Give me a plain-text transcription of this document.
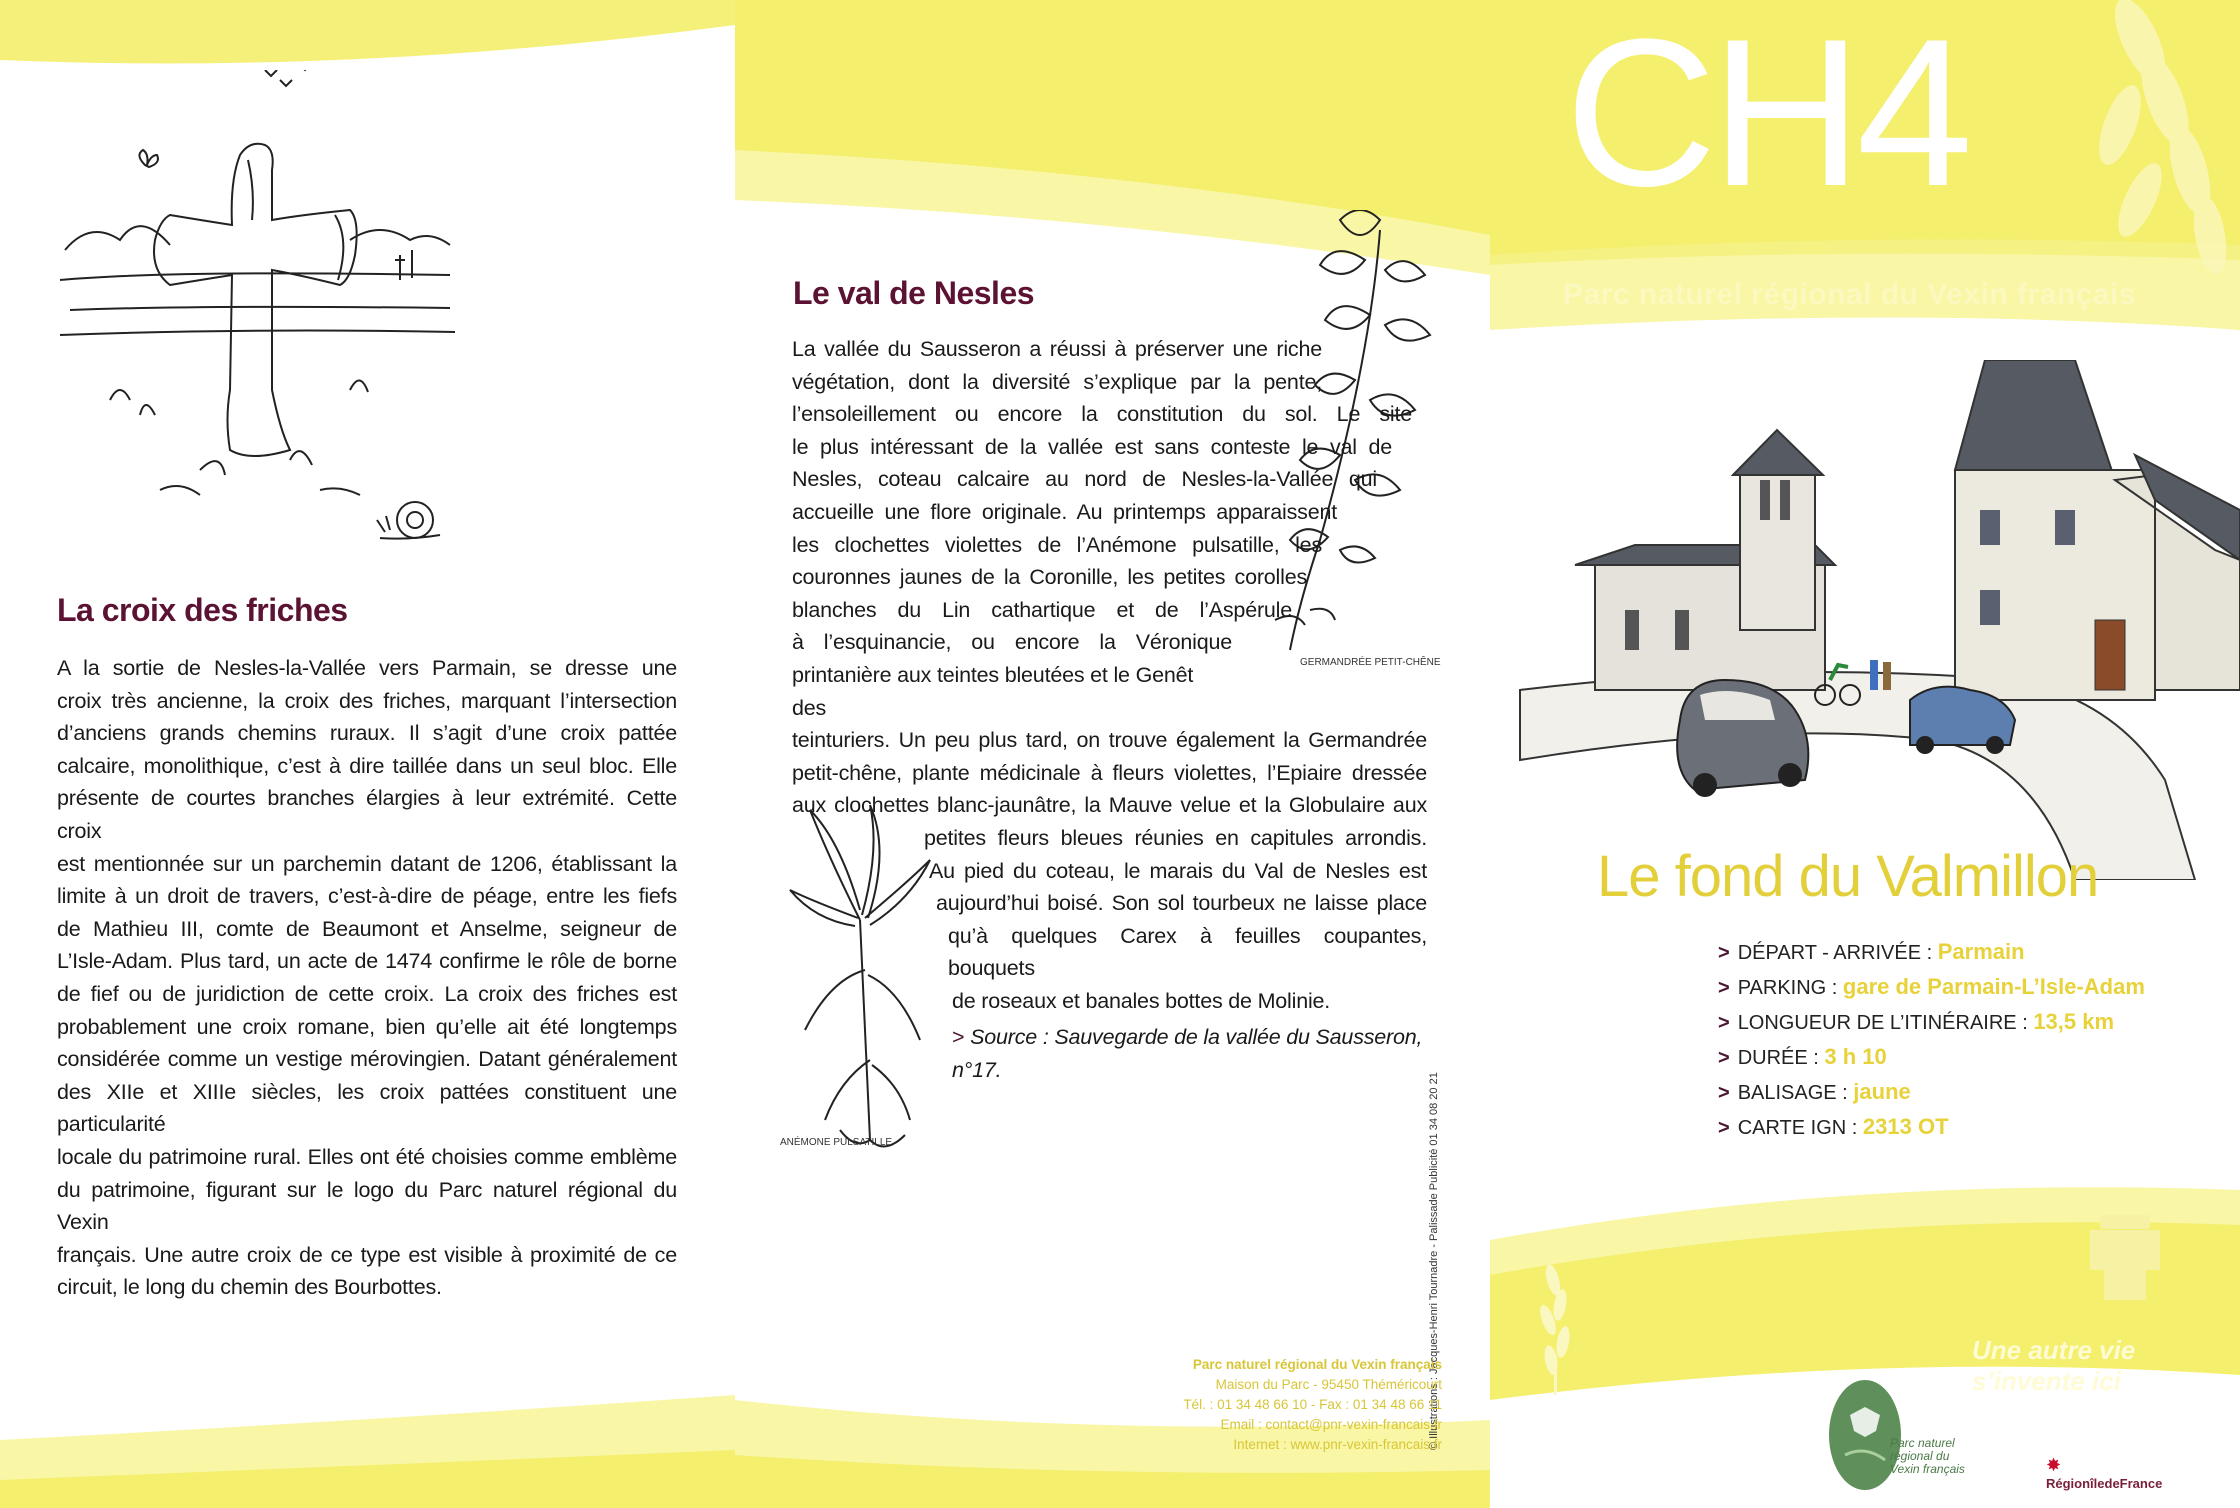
La croix des friches
A la sortie de Nesles-la-Vallée vers Parmain, se dresse une
croix très ancienne, la croix des friches, marquant l’intersection
d’anciens grands chemins ruraux. Il s’agit d’une croix pattée
calcaire, monolithique, c’est à dire taillée dans un seul bloc. Elle
présente de courtes branches élargies à leur extrémité. Cette croix
est mentionnée sur un parchemin datant de 1206, établissant la
limite à un droit de travers, c’est-à-dire de péage, entre les fiefs
de Mathieu III, comte de Beaumont et Anselme, seigneur de
L’Isle-Adam. Plus tard, un acte de 1474 confirme le rôle de borne
de fief ou de juridiction de cette croix. La croix des friches est
probablement une croix romane, bien qu’elle ait été longtemps
considérée comme un vestige mérovingien. Datant généralement
des XIIe et XIIIe siècles, les croix pattées constituent une particularité
locale du patrimoine rural. Elles ont été choisies comme emblème
du patrimoine, figurant sur le logo du Parc naturel régional du Vexin
français. Une autre croix de ce type est visible à proximité de ce
circuit, le long du chemin des Bourbottes.
Le val de Nesles
GERMANDRÉE PETIT-CHÊNE
La vallée du Sausseron a réussi à préserver une riche
végétation, dont la diversité s’explique par la pente,
l’ensoleillement ou encore la constitution du sol. Le site
le plus intéressant de la vallée est sans conteste le val de
Nesles, coteau calcaire au nord de Nesles-la-Vallée qui
accueille une flore originale. Au printemps apparaissent
les clochettes violettes de l’Anémone pulsatille, les
couronnes jaunes de la Coronille, les petites corolles
blanches du Lin cathartique et de l’Aspérule
à l’esquinancie, ou encore la Véronique
printanière aux teintes bleutées et le Genêt des
teinturiers. Un peu plus tard, on trouve également la Germandrée
petit-chêne, plante médicinale à fleurs violettes, l’Epiaire dressée
aux clochettes blanc-jaunâtre, la Mauve velue et la Globulaire aux
petites fleurs bleues réunies en capitules arrondis.
Au pied du coteau, le marais du Val de Nesles est
aujourd’hui boisé. Son sol tourbeux ne laisse place
qu’à quelques Carex à feuilles coupantes, bouquets
de roseaux et banales bottes de Molinie.
> Source : Sauvegarde de la vallée du Sausseron,
n°17.
ANÉMONE PULSATILLE	© Illustrations : Jacques-Henri Tournadre - Palissade Publicité 01 34 08 20 21
Parc naturel régional du Vexin français
Maison du Parc - 95450 Théméricourt
Tél. : 01 34 48 66 10 - Fax : 01 34 48 66 11
Email : contact@pnr-vexin-francais.fr
Internet : www.pnr-vexin-francais.fr
CH4
Parc naturel régional du Vexin français
Le fond du Valmillon
> DÉPART - ARRIVÉE : Parmain
> PARKING : gare de Parmain-L’Isle-Adam
> LONGUEUR DE L’ITINÉRAIRE : 13,5 km
> DURÉE : 3 h 10
> BALISAGE : jaune
> CARTE IGN : 2313 OT
Une autre vie s’invente ici
Parc naturel régional du Vexin français	✸ RégionîledeFrance
